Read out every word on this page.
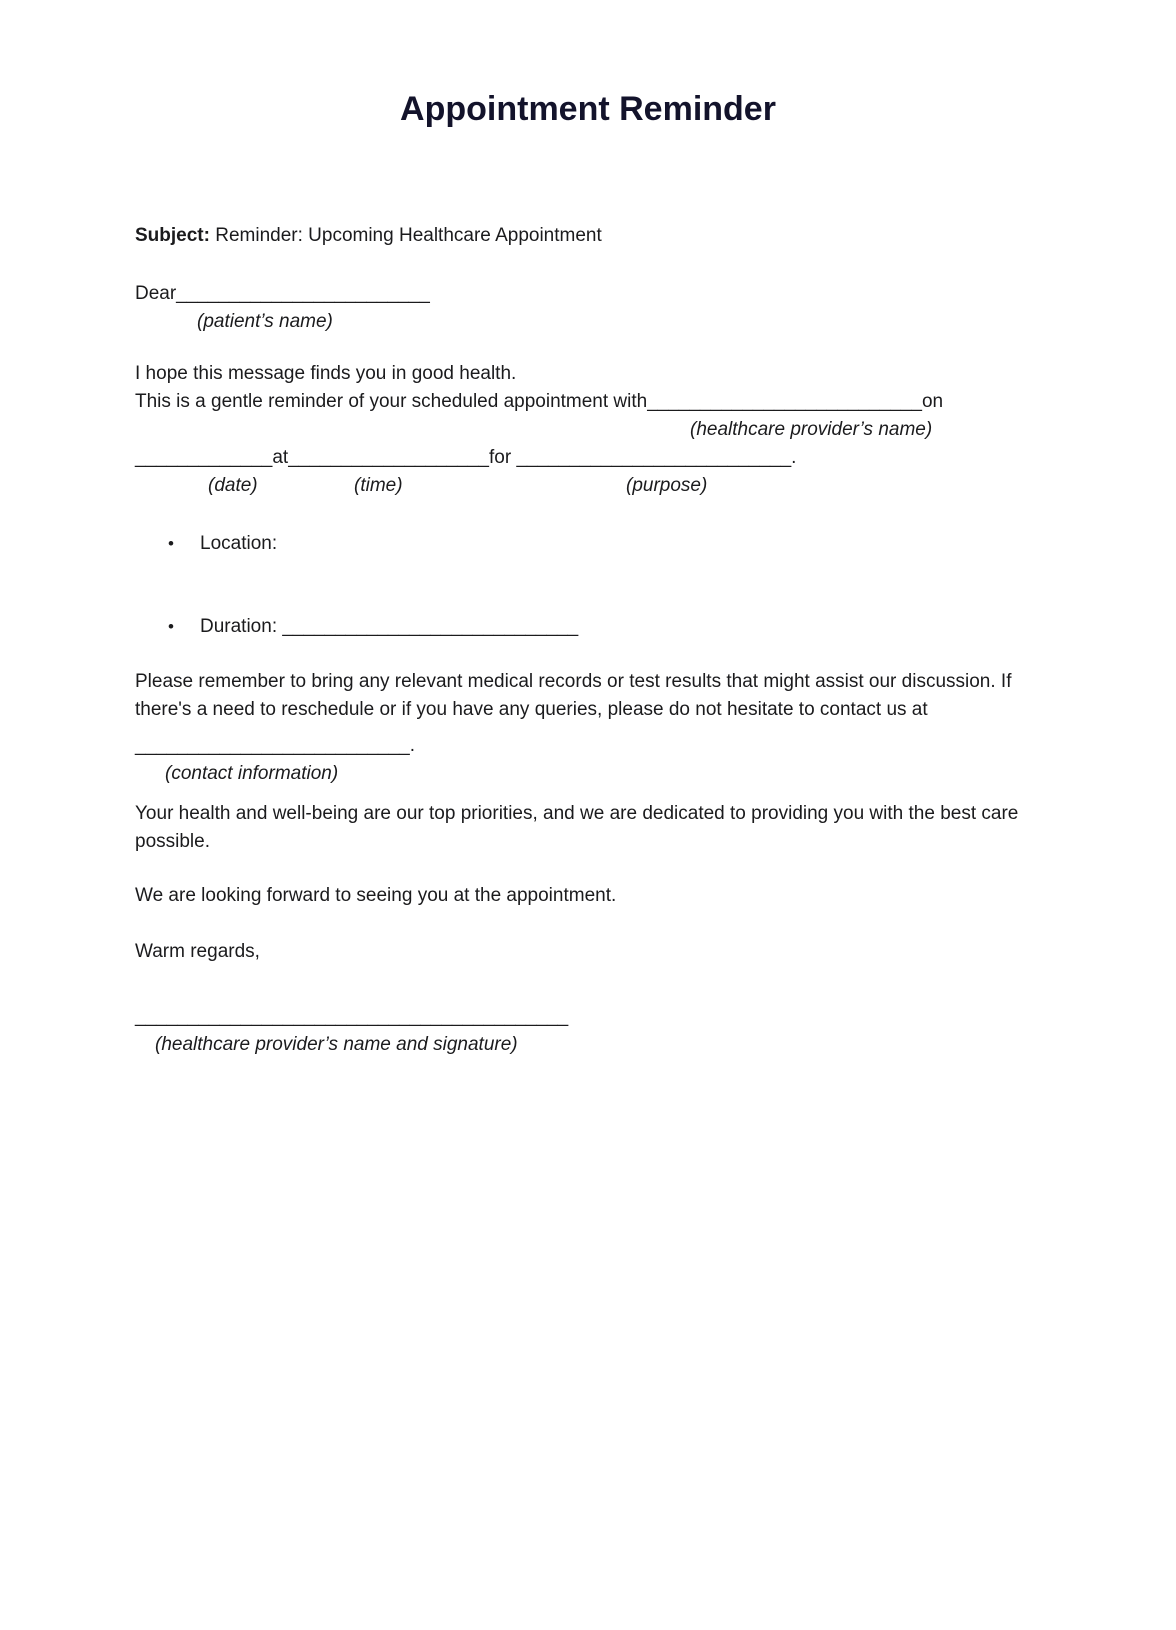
Appointment Reminder

Subject: Reminder: Upcoming Healthcare Appointment

Dear________________________
(patient’s name)
I hope this message finds you in good health.
This is a gentle reminder of your scheduled appointment with__________________________on
(healthcare provider’s name)
_____________at___________________for __________________________.
(date)	(time)	(purpose)
•	Location:
•	Duration: ____________________________
Please remember to bring any relevant medical records or test results that might assist our discussion. If
there's a need to reschedule or if you have any queries, please do not hesitate to contact us at
__________________________.
(contact information)
Your health and well-being are our top priorities, and we are dedicated to providing you with the best care
possible.

We are looking forward to seeing you at the appointment.

Warm regards,

_________________________________________
(healthcare provider’s name and signature)
